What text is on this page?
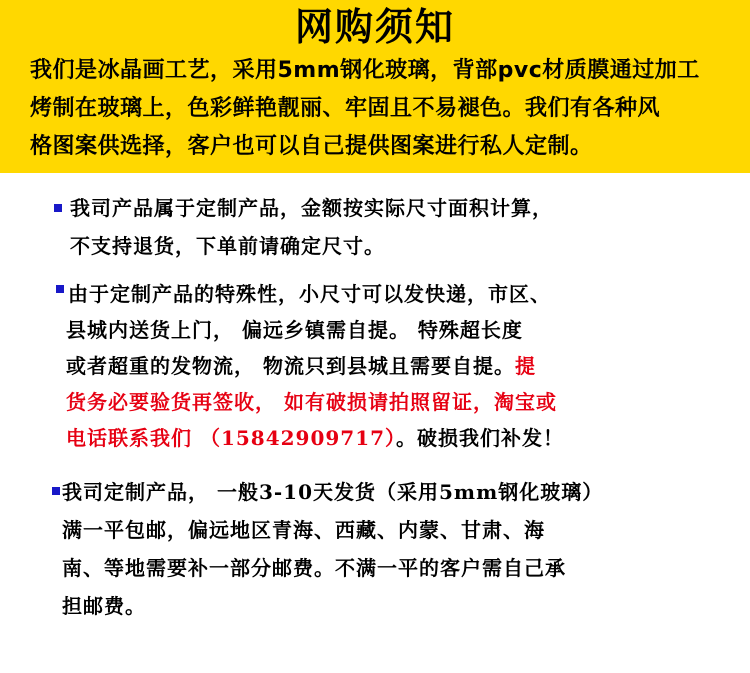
网购须知
我们是冰晶画工艺，采用5mm钢化玻璃，背部pvc材质膜通过加工
烤制在玻璃上，色彩鲜艳靓丽、牢固且不易褪色。我们有各种风
格图案供选择，客户也可以自己提供图案进行私人定制。
我司产品属于定制产品，金额按实际尺寸面积计算，
不支持退货，下单前请确定尺寸。
由于定制产品的特殊性，小尺寸可以发快递，市区、
县城内送货上门， 偏远乡镇需自提。 特殊超长度
或者超重的发物流， 物流只到县城且需要自提。提
货务必要验货再签收， 如有破损请拍照留证，淘宝或
电话联系我们 （15842909717）。破损我们补发！
我司定制产品， 一般3-10天发货（采用5mm钢化玻璃）
满一平包邮，偏远地区青海、西藏、内蒙、甘肃、海
南、等地需要补一部分邮费。不满一平的客户需自己承
担邮费。
